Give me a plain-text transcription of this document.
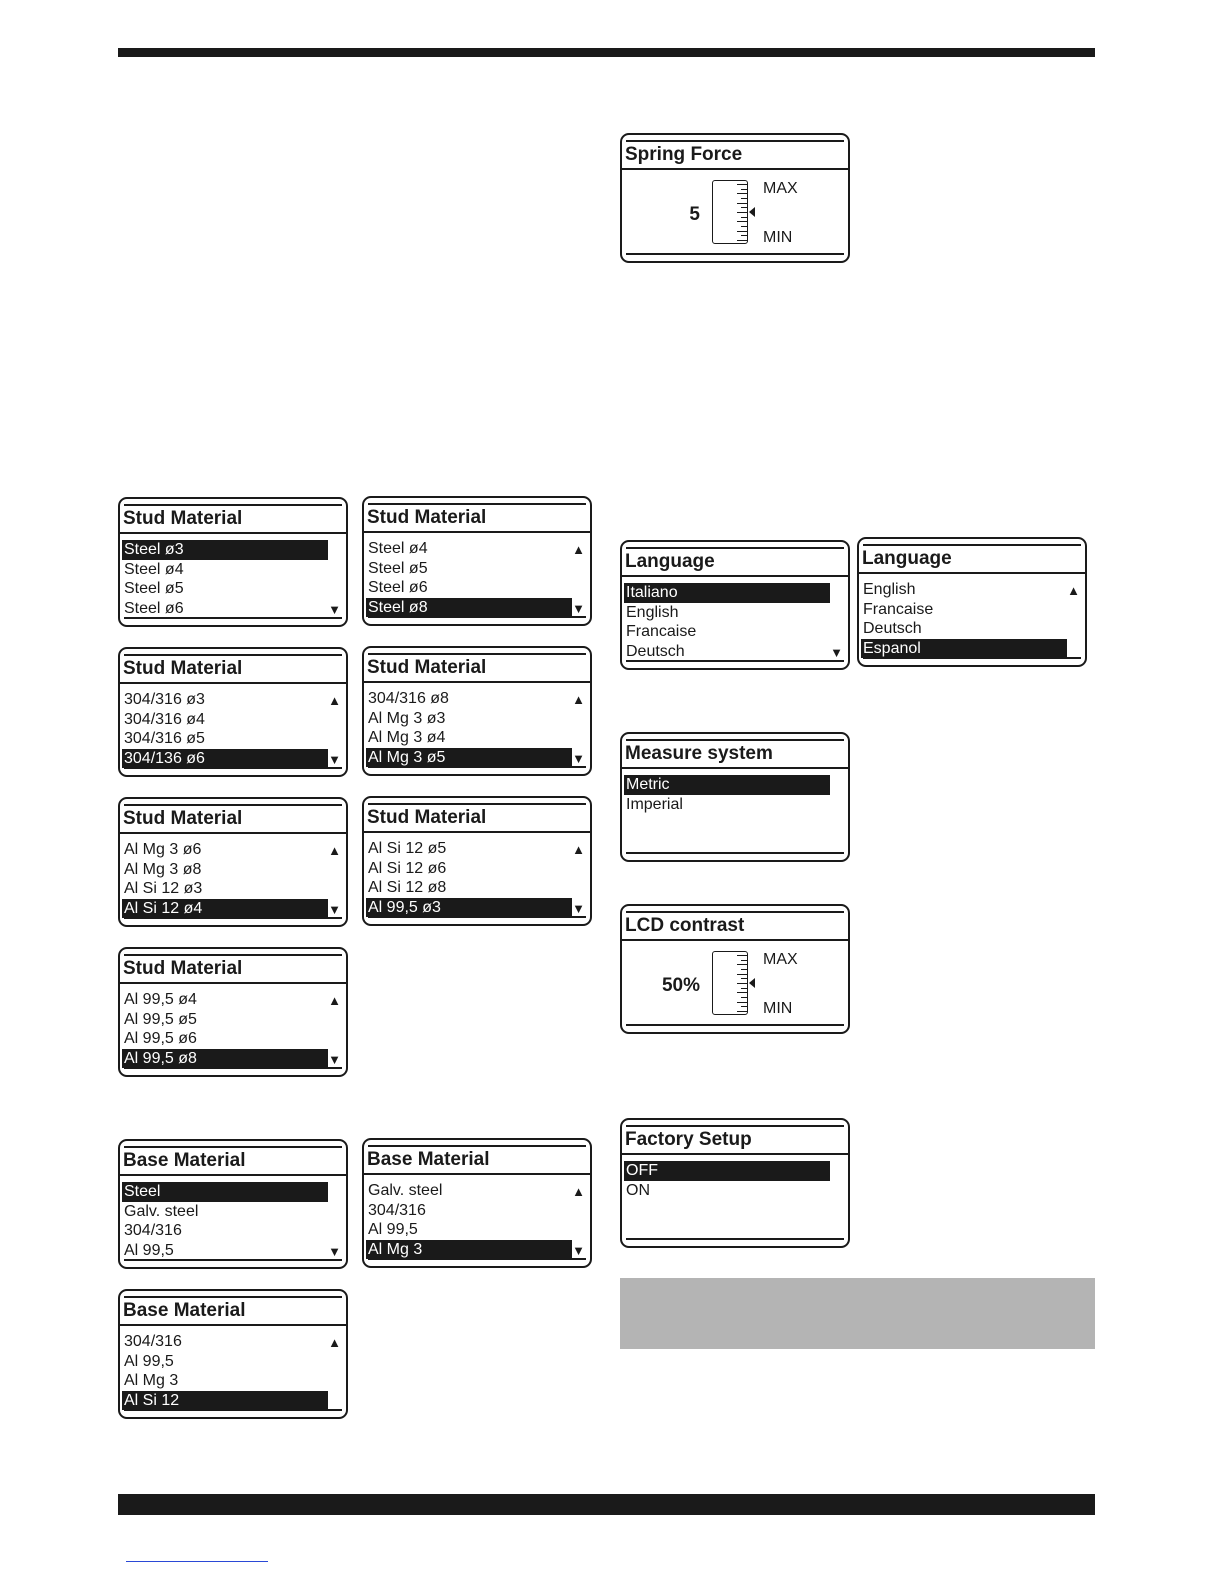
Spring Force
5
MAX
MIN
Stud Material
Steel ø3
Steel ø4
Steel ø5
Steel ø6	▼
Stud Material
Steel ø4
Steel ø5
Steel ø6
Steel ø8
▲
▼
Stud Material
304/316 ø3
304/316 ø4
304/316 ø5
304/136 ø6
▲
▼
Stud Material
304/316 ø8
Al Mg 3 ø3
Al Mg 3 ø4
Al Mg 3 ø5
▲
▼
Stud Material
Al Mg 3 ø6
Al Mg 3 ø8
Al Si 12 ø3
Al Si 12 ø4
▲
▼
Stud Material
Al Si 12 ø5
Al Si 12 ø6
Al Si 12 ø8
Al 99,5 ø3
▲
▼
Stud Material
Al 99,5 ø4
Al 99,5 ø5
Al 99,5 ø6
Al 99,5 ø8
▲
▼
Base Material
Steel
Galv. steel
304/316
Al 99,5	▼
Base Material
Galv. steel
304/316
Al 99,5
Al Mg 3
▲
▼
Base Material
304/316
Al 99,5
Al Mg 3
Al Si 12
▲
Language
Italiano
English
Francaise
Deutsch	▼
Language
English
Francaise
Deutsch
Espanol
▲
Measure system
Metric
Imperial
LCD contrast
50%
MAX
MIN
Factory Setup
OFF
ON
